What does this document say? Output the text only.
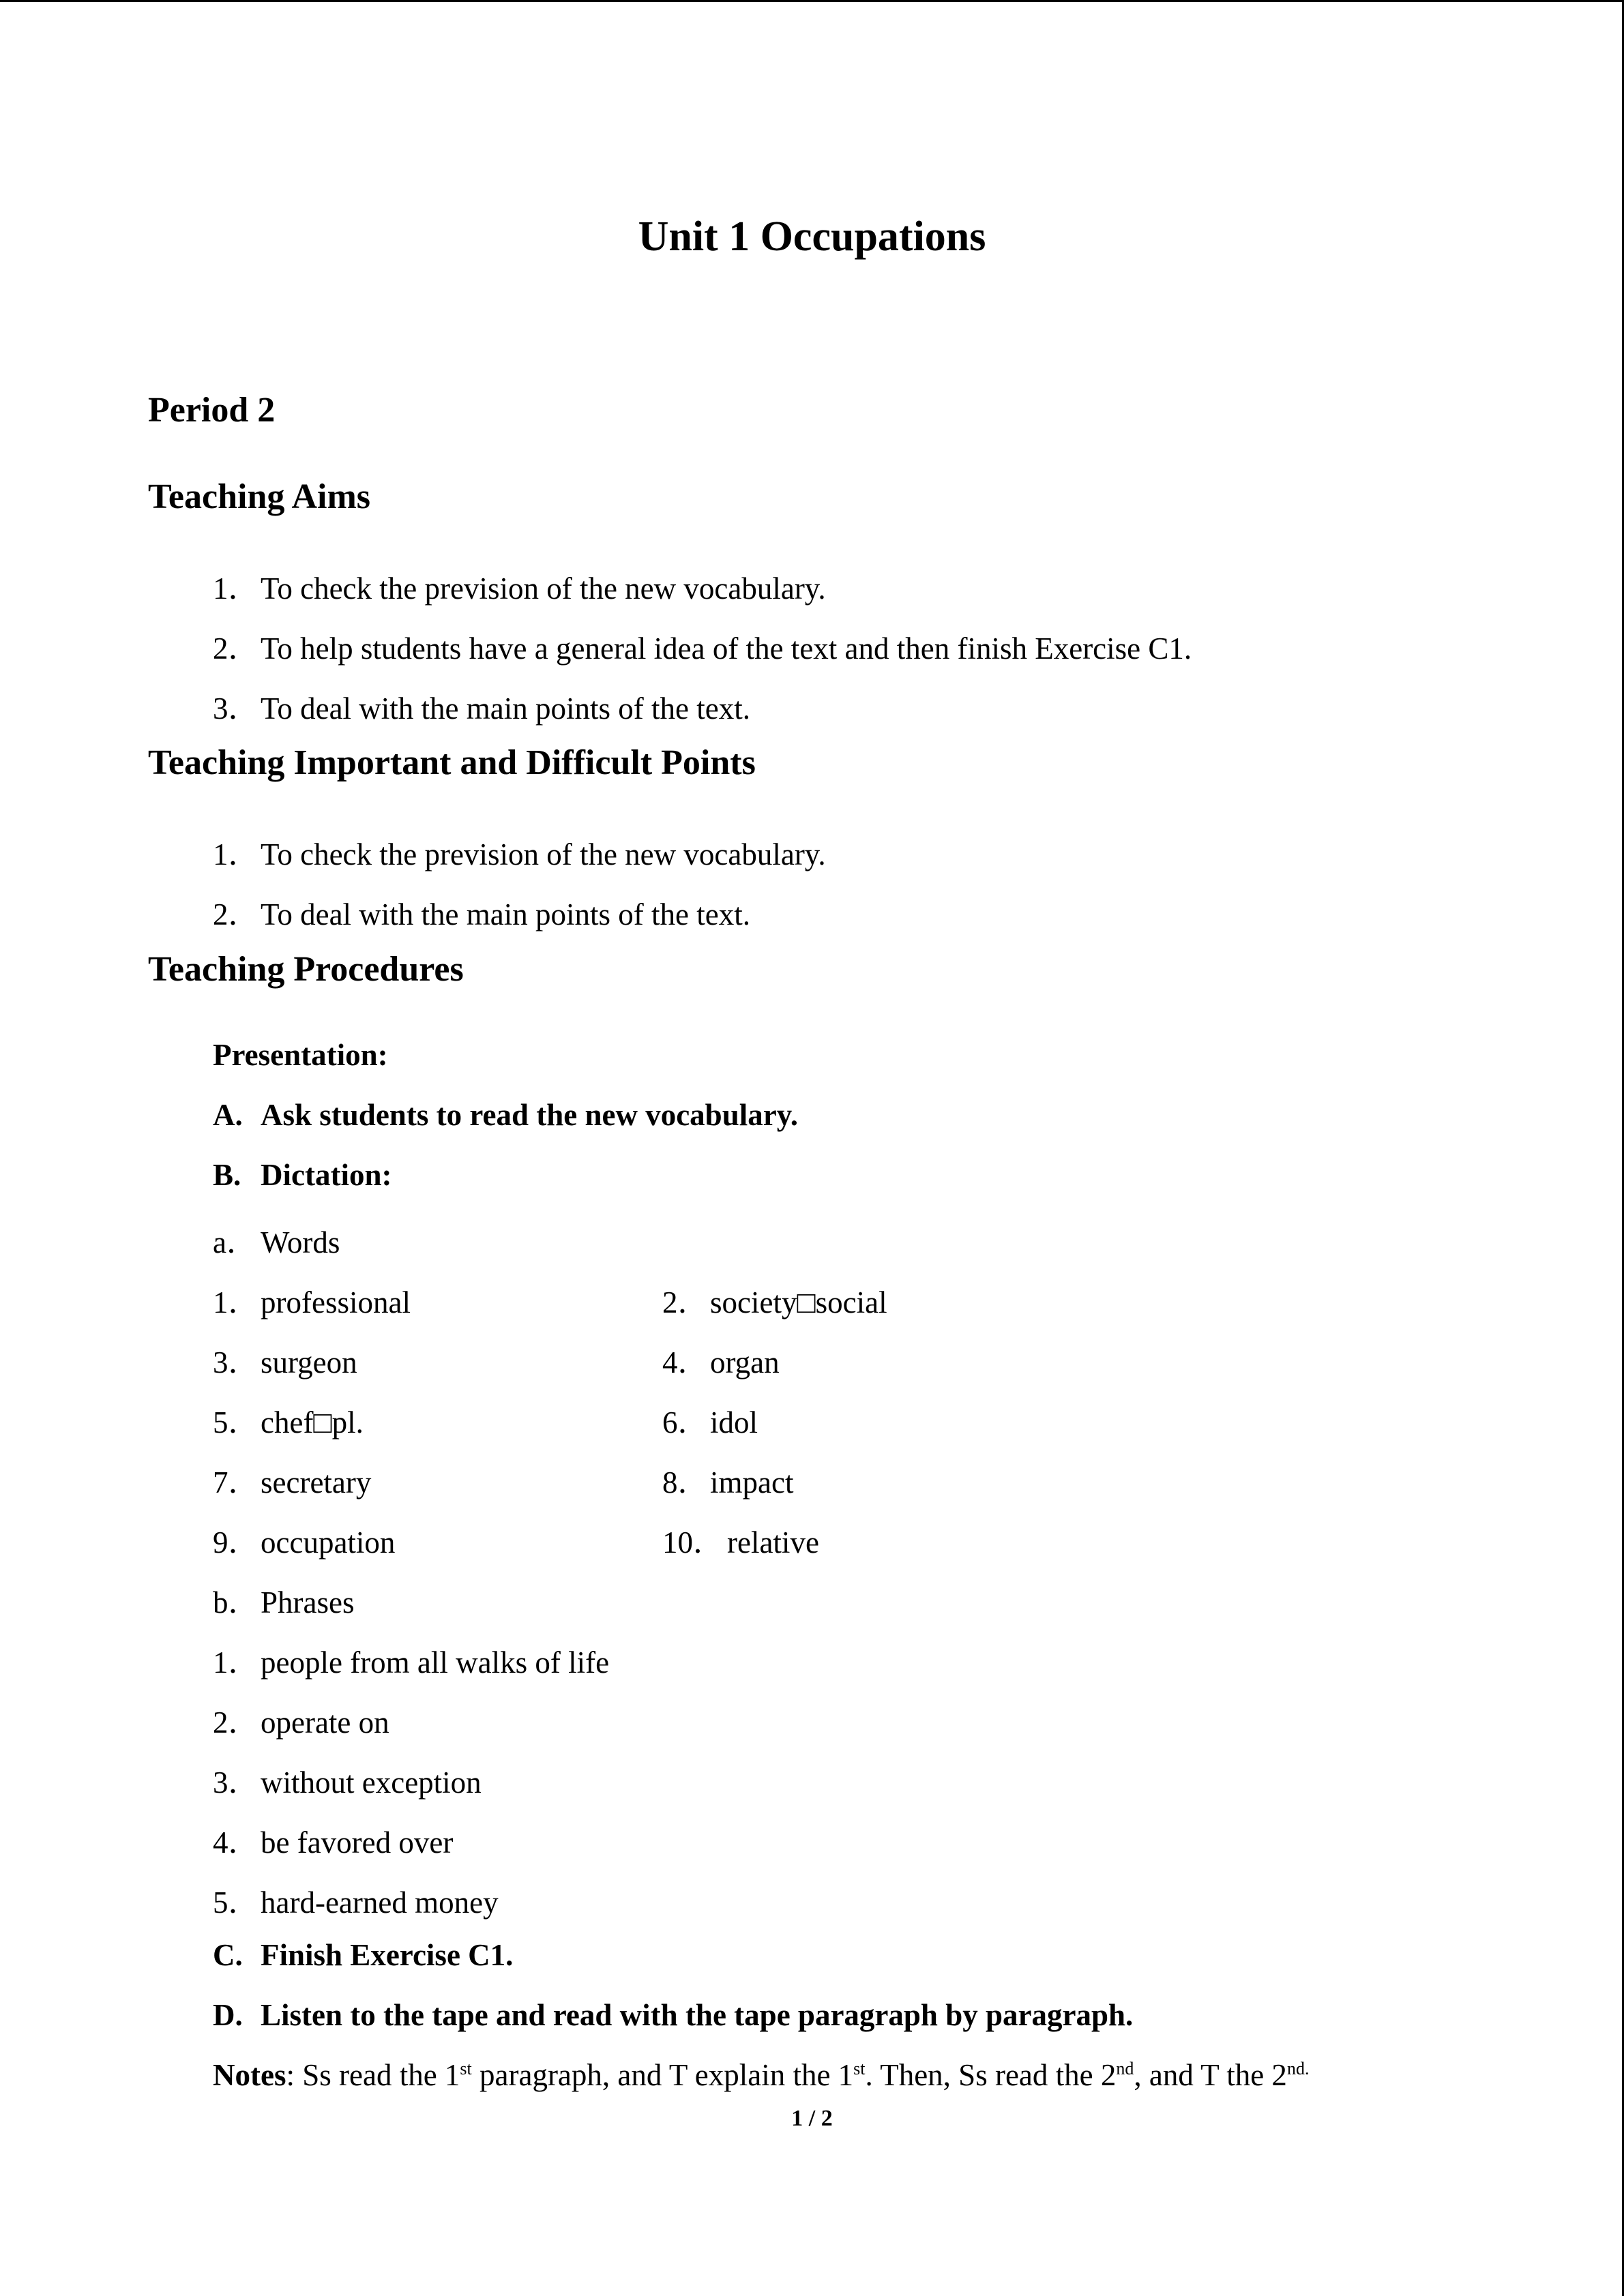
Unit 1 Occupations
Period 2
Teaching Aims
1．To check the prevision of the new vocabulary.
2．To help students have a general idea of the text and then finish Exercise C1.
3．To deal with the main points of the text.
Teaching Important and Difficult Points
1．To check the prevision of the new vocabulary.
2．To deal with the main points of the text.
Teaching Procedures
Presentation:
A. Ask students to read the new vocabulary.
B. Dictation:
a． Words
1．professional
3．surgeon
5．chef□pl.
7．secretary
9．occupation
2．society□social
4．organ
6．idol
8．impact
10． relative
b．Phrases
1．people from all walks of life
2．operate on
3．without exception
4．be favored over
5．hard-earned money
C. Finish Exercise C1.
D. Listen to the tape and read with the tape paragraph by paragraph.
Notes: Ss read the 1st paragraph, and T explain the 1st. Then, Ss read the 2nd, and T the $2^{nd.}$
1 / 2
